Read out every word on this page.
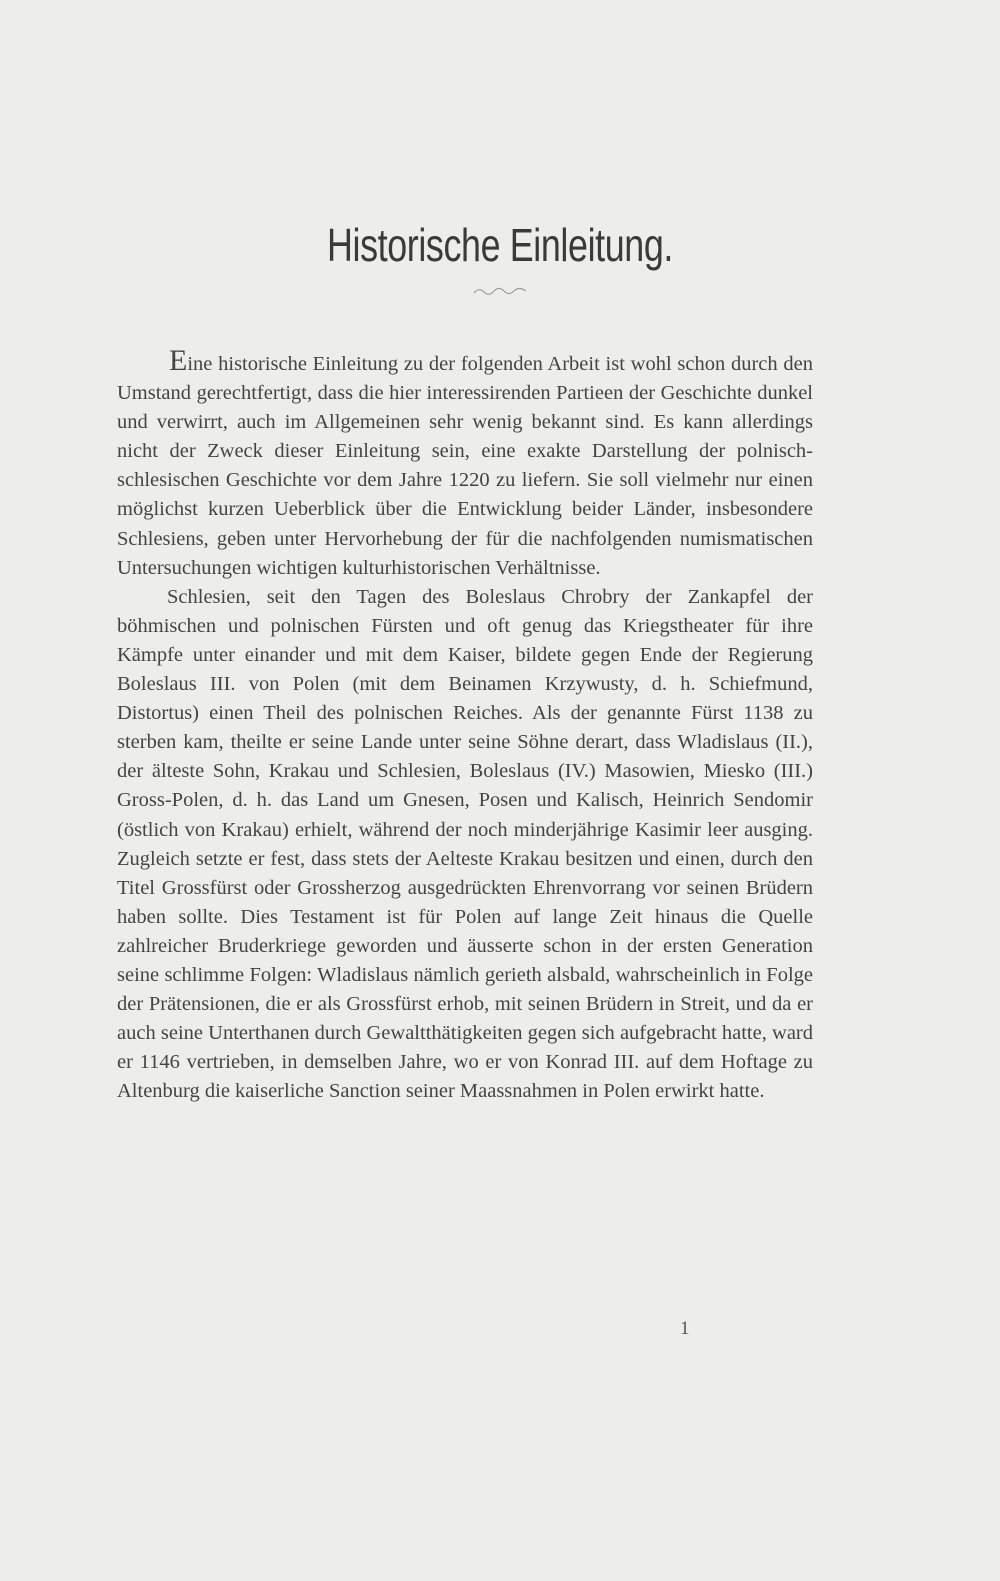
Historische Einleitung.

Eine historische Einleitung zu der folgenden Arbeit ist wohl schon durch den Umstand gerechtfertigt, dass die hier interessirenden Partieen der Geschichte dunkel und verwirrt, auch im Allgemeinen sehr wenig bekannt sind. Es kann allerdings nicht der Zweck dieser Einleitung sein, eine exakte Darstellung der polnisch-schlesischen Geschichte vor dem Jahre 1220 zu liefern. Sie soll vielmehr nur einen möglichst kurzen Ueberblick über die Entwicklung beider Länder, insbesondere Schlesiens, geben unter Hervorhebung der für die nachfolgenden numismatischen Untersuchungen wichtigen kulturhistorischen Verhältnisse.

Schlesien, seit den Tagen des Boleslaus Chrobry der Zankapfel der böhmischen und polnischen Fürsten und oft genug das Kriegstheater für ihre Kämpfe unter einander und mit dem Kaiser, bildete gegen Ende der Regierung Boleslaus III. von Polen (mit dem Beinamen Krzywusty, d. h. Schiefmund, Distortus) einen Theil des polnischen Reiches. Als der genannte Fürst 1138 zu sterben kam, theilte er seine Lande unter seine Söhne derart, dass Wladislaus (II.), der älteste Sohn, Krakau und Schlesien, Boleslaus (IV.) Masowien, Miesko (III.) Gross-Polen, d. h. das Land um Gnesen, Posen und Kalisch, Heinrich Sendomir (östlich von Krakau) erhielt, während der noch minderjährige Kasimir leer ausging. Zugleich setzte er fest, dass stets der Aelteste Krakau besitzen und einen, durch den Titel Grossfürst oder Grossherzog ausgedrückten Ehrenvorrang vor seinen Brüdern haben sollte. Dies Testament ist für Polen auf lange Zeit hinaus die Quelle zahlreicher Bruderkriege geworden und äusserte schon in der ersten Generation seine schlimme Folgen: Wladislaus nämlich gerieth alsbald, wahrscheinlich in Folge der Prätensionen, die er als Grossfürst erhob, mit seinen Brüdern in Streit, und da er auch seine Unterthanen durch Gewaltthätigkeiten gegen sich aufgebracht hatte, ward er 1146 vertrieben, in demselben Jahre, wo er von Konrad III. auf dem Hoftage zu Altenburg die kaiserliche Sanction seiner Maassnahmen in Polen erwirkt hatte.

1
